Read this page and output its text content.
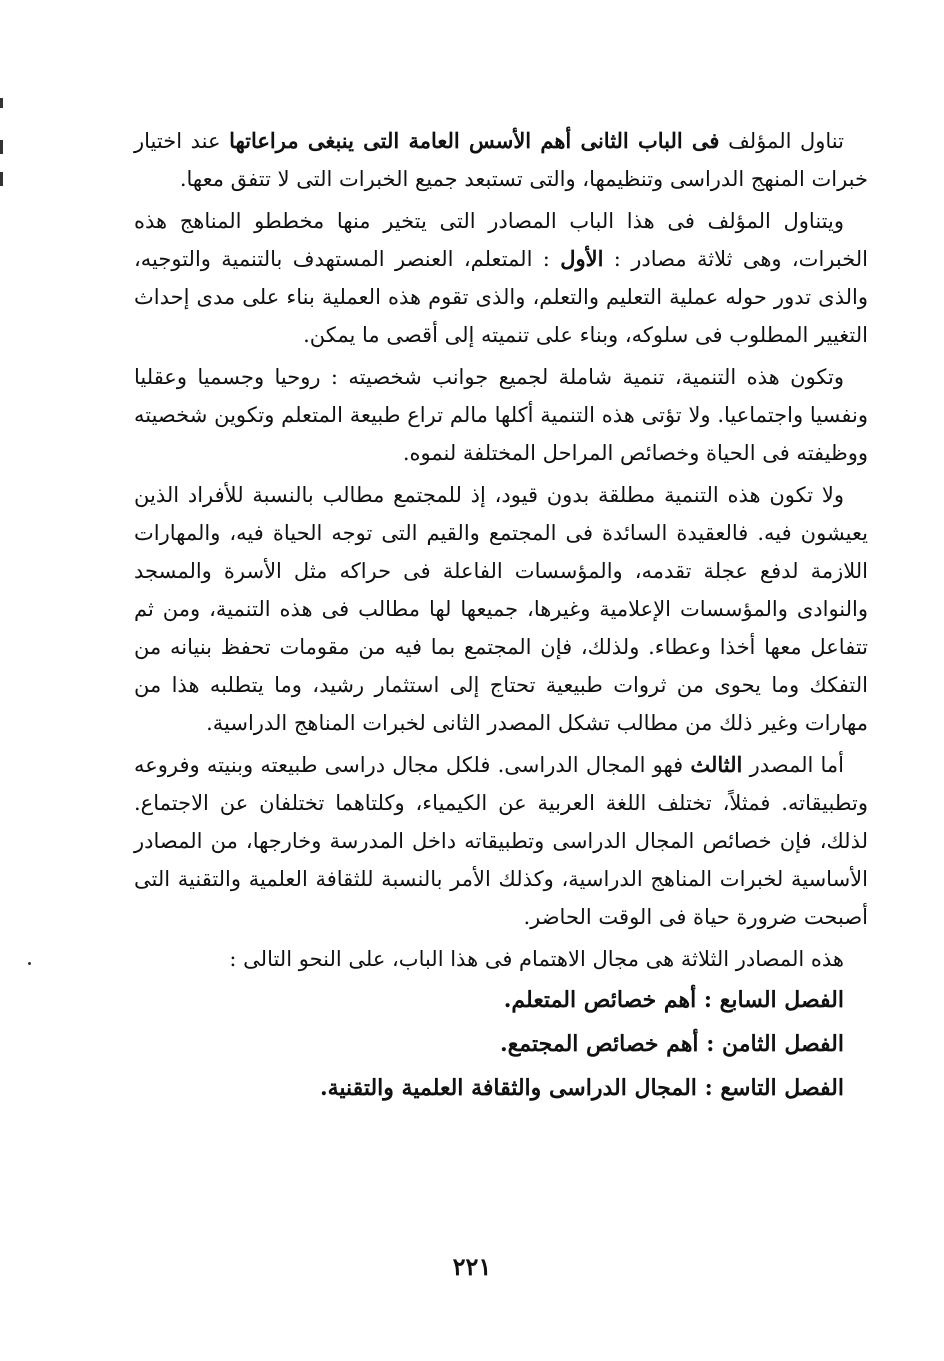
تناول المؤلف فى الباب الثانى أهم الأسس العامة التى ينبغى مراعاتها عند اختيار خبرات المنهج الدراسى وتنظيمها، والتى تستبعد جميع الخبرات التى لا تتفق معها.

ويتناول المؤلف فى هذا الباب المصادر التى يتخير منها مخططو المناهج هذه الخبرات، وهى ثلاثة مصادر : الأول : المتعلم، العنصر المستهدف بالتنمية والتوجيه، والذى تدور حوله عملية التعليم والتعلم، والذى تقوم هذه العملية بناء على مدى إحداث التغيير المطلوب فى سلوكه، وبناء على تنميته إلى أقصى ما يمكن.

وتكون هذه التنمية، تنمية شاملة لجميع جوانب شخصيته : روحيا وجسميا وعقليا ونفسيا واجتماعيا. ولا تؤتى هذه التنمية أكلها مالم تراع طبيعة المتعلم وتكوين شخصيته ووظيفته فى الحياة وخصائص المراحل المختلفة لنموه.

ولا تكون هذه التنمية مطلقة بدون قيود، إذ للمجتمع مطالب بالنسبة للأفراد الذين يعيشون فيه. فالعقيدة السائدة فى المجتمع والقيم التى توجه الحياة فيه، والمهارات اللازمة لدفع عجلة تقدمه، والمؤسسات الفاعلة فى حراكه مثل الأسرة والمسجد والنوادى والمؤسسات الإعلامية وغيرها، جميعها لها مطالب فى هذه التنمية، ومن ثم تتفاعل معها أخذا وعطاء. ولذلك، فإن المجتمع بما فيه من مقومات تحفظ بنيانه من التفكك وما يحوى من ثروات طبيعية تحتاج إلى استثمار رشيد، وما يتطلبه هذا من مهارات وغير ذلك من مطالب تشكل المصدر الثانى لخبرات المناهج الدراسية.

أما المصدر الثالث فهو المجال الدراسى. فلكل مجال دراسى طبيعته وبنيته وفروعه وتطبيقاته. فمثلاً، تختلف اللغة العربية عن الكيمياء، وكلتاهما تختلفان عن الاجتماع. لذلك، فإن خصائص المجال الدراسى وتطبيقاته داخل المدرسة وخارجها، من المصادر الأساسية لخبرات المناهج الدراسية، وكذلك الأمر بالنسبة للثقافة العلمية والتقنية التى أصبحت ضرورة حياة فى الوقت الحاضر.

هذه المصادر الثلاثة هى مجال الاهتمام فى هذا الباب، على النحو التالى :

الفصل السابع : أهم خصائص المتعلم.
الفصل الثامن : أهم خصائص المجتمع.
الفصل التاسع : المجال الدراسى والثقافة العلمية والتقنية.
٢٢١
